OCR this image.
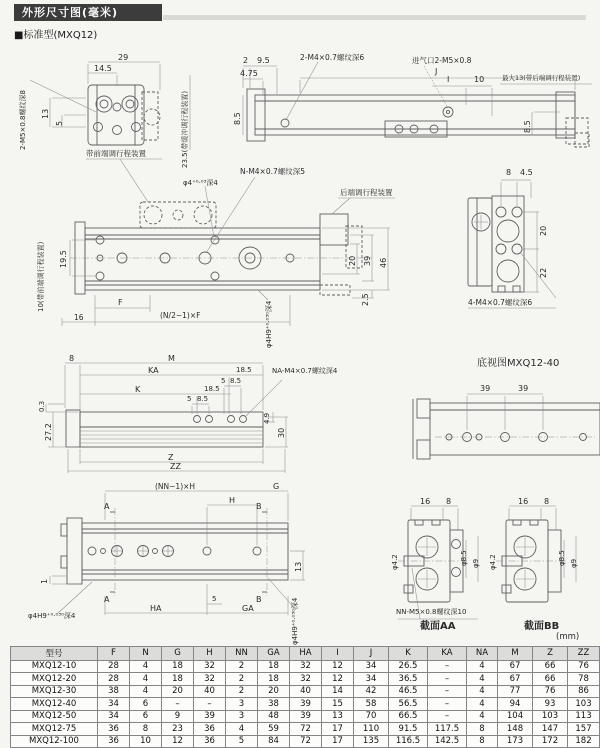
外形尺寸图(毫米)
■标准型(MXQ12)
29
14.5
13
5
2-M5×0.8螺纹深8	23.5(带缓冲调行程装置)
带前端调行程装置
2 9.5
4.75
2-M4×0.7螺纹深6
J
进气口2-M5×0.8
I	10	最大13(带后端调行程装置)
8.5
8.5
φ4⁺⁰·⁰³深4
N-M4×0.7螺纹深5
后端调行程装置
10(带前端调行程装置) 19.5
16
F
(N/2−1)×F	φ4H9⁺⁰·⁰³⁰深4
20 39 46
2.5
8 4.5
20
22
4-M4×0.7螺纹深6
8	M
KA	18.5
5 8.5
K	18.5
5 8.5
NA-M4×0.7螺纹深4
0.3
27.2
4.9
30
Z
ZZ
底视图MXQ12-40
39	39
(NN−1)×H	G
H
A	B
A	B
1
13
5
HA	GA
φ4H9⁺⁰·⁰³⁰深4	φ4H9⁺⁰·⁰³⁰深4
16 8
φ4.2	φ8.5 φ9
NN-M5×0.8螺纹深10
截面AA
16 8
φ4.2	φ8.5 φ9
截面BB
(mm)
型号	F	N	G	H	NN	GA	HA	I	J	K	KA	NA	M	Z	ZZ
MXQ12-10	28	4	18	32	2	18	32	12	34	26.5	–	4	67	66	76
MXQ12-20	28	4	18	32	2	18	32	12	34	36.5	–	4	67	66	78
MXQ12-30	38	4	20	40	2	20	40	14	42	46.5	–	4	77	76	86
MXQ12-40	34	6	–	–	3	38	39	15	58	56.5	–	4	94	93	103
MXQ12-50	34	6	9	39	3	48	39	13	70	66.5	–	4	104	103	113
MXQ12-75	36	8	23	36	4	59	72	17	110	91.5	117.5	8	148	147	157
MXQ12-100	36	10	12	36	5	84	72	17	135	116.5	142.5	8	173	172	182
